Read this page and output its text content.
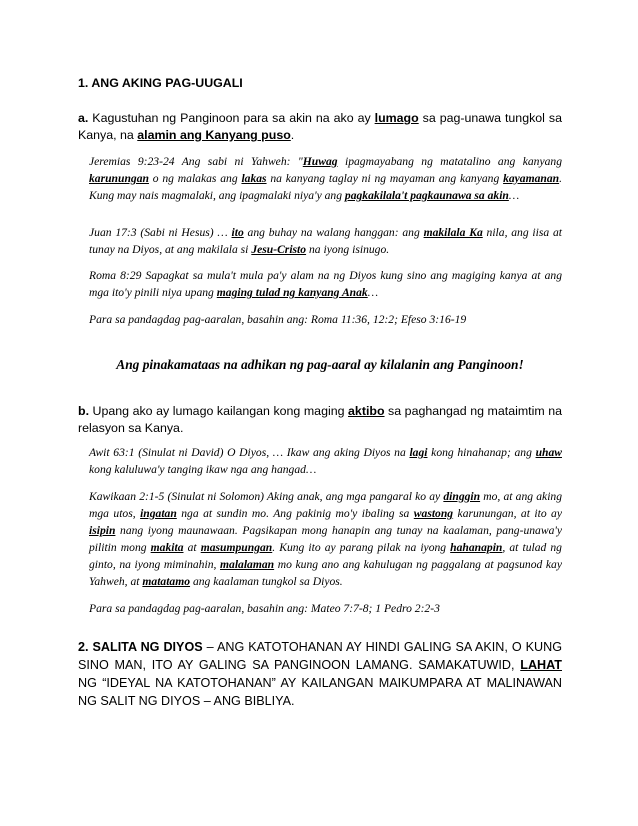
1. ANG AKING PAG-UUGALI
a. Kagustuhan ng Panginoon para sa akin na ako ay lumago sa pag-unawa tungkol sa Kanya, na alamin ang Kanyang puso.
Jeremias 9:23-24 Ang sabi ni Yahweh: "Huwag ipagmayabang ng matatalino ang kanyang karunungan o ng malakas ang lakas na kanyang taglay ni ng mayaman ang kanyang kayamanan. Kung may nais magmalaki, ang ipagmalaki niya'y ang pagkakilala't pagkaunawa sa akin…
Juan 17:3 (Sabi ni Hesus) … ito ang buhay na walang hanggan: ang makilala Ka nila, ang iisa at tunay na Diyos, at ang makilala si Jesu-Cristo na iyong isinugo.
Roma 8:29 Sapagkat sa mula't mula pa'y alam na ng Diyos kung sino ang magiging kanya at ang mga ito'y pinili niya upang maging tulad ng kanyang Anak…
Para sa pandagdag pag-aaralan, basahin ang: Roma 11:36, 12:2; Efeso 3:16-19
Ang pinakamataas na adhikan ng pag-aaral ay kilalanin ang Panginoon!
b. Upang ako ay lumago kailangan kong maging aktibo sa paghangad ng mataimtim na relasyon sa Kanya.
Awit 63:1 (Sinulat ni David) O Diyos, … Ikaw ang aking Diyos na lagi kong hinahanap; ang uhaw kong kaluluwa'y tanging ikaw nga ang hangad…
Kawikaan 2:1-5 (Sinulat ni Solomon) Aking anak, ang mga pangaral ko ay dinggin mo, at ang aking mga utos, ingatan nga at sundin mo. Ang pakinig mo'y ibaling sa wastong karunungan, at ito ay isipin nang iyong maunawaan. Pagsikapan mong hanapin ang tunay na kaalaman, pang-unawa'y pilitin mong makita at masumpungan. Kung ito ay parang pilak na iyong hahanapin, at tulad ng ginto, na iyong miminahin, malalaman mo kung ano ang kahulugan ng paggalang at pagsunod kay Yahweh, at matatamo ang kaalaman tungkol sa Diyos.
Para sa pandagdag pag-aaralan, basahin ang: Mateo 7:7-8; 1 Pedro 2:2-3
2. SALITA NG DIYOS – ANG KATOTOHANAN AY HINDI GALING SA AKIN, O KUNG SINO MAN, ITO AY GALING SA PANGINOON LAMANG. SAMAKATUWID, LAHAT NG “IDEYAL NA KATOTOHANAN” AY KAILANGAN MAIKUMPARA AT MALINAWAN NG SALIT NG DIYOS – ANG BIBLIYA.
